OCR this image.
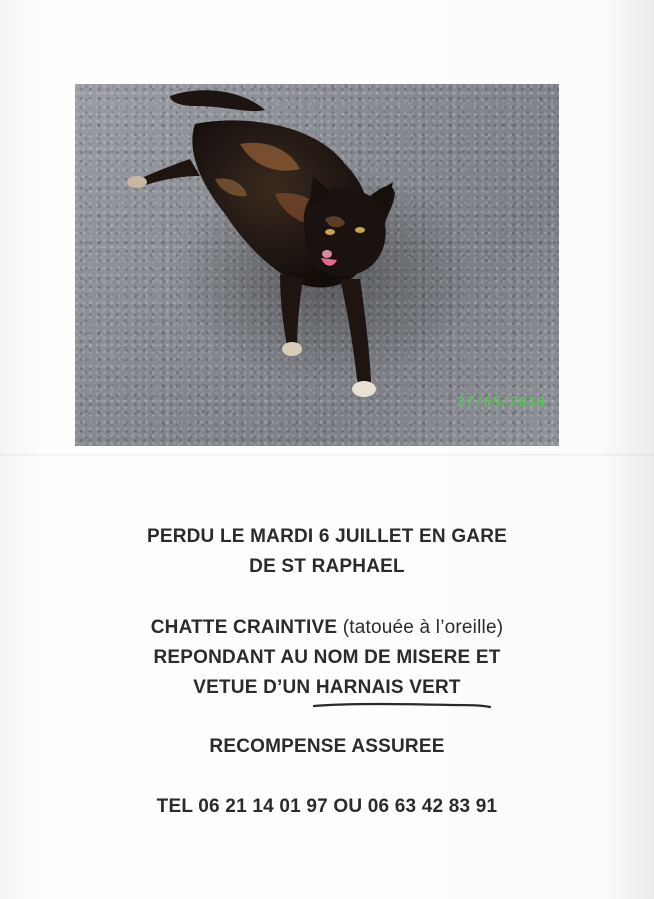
27/05/2010
PERDU LE MARDI 6 JUILLET EN GARE
DE ST RAPHAEL
CHATTE CRAINTIVE (tatouée à l’oreille)
REPONDANT AU NOM DE MISERE ET
VETUE D’UN HARNAIS VERT
RECOMPENSE ASSUREE
TEL 06 21 14 01 97 OU 06 63 42 83 91
